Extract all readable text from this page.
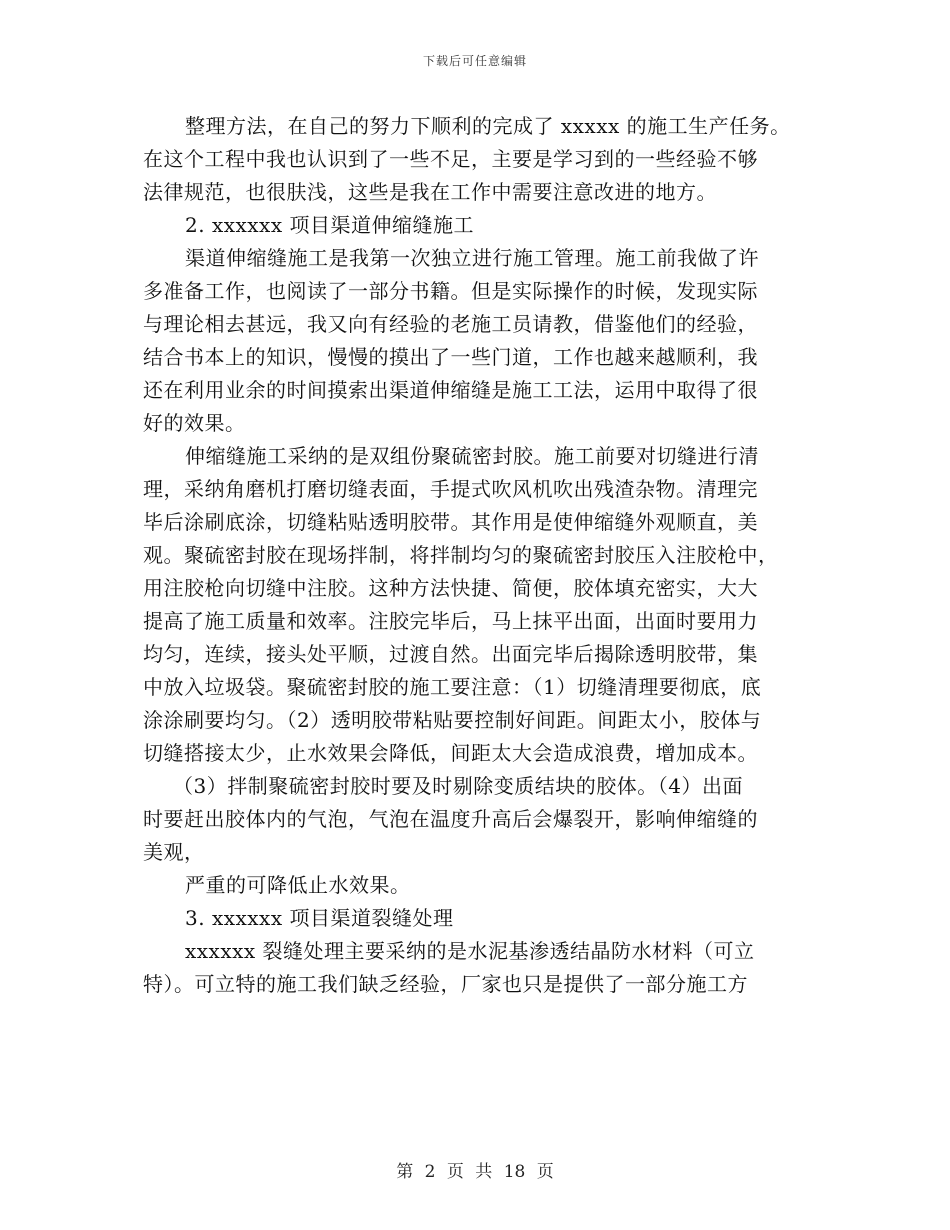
下载后可任意编辑
整理方法，在自己的努力下顺利的完成了 xxxxx 的施工生产任务。
在这个工程中我也认识到了一些不足，主要是学习到的一些经验不够
法律规范，也很肤浅，这些是我在工作中需要注意改进的地方。
2. xxxxxx 项目渠道伸缩缝施工
渠道伸缩缝施工是我第一次独立进行施工管理。施工前我做了许
多准备工作，也阅读了一部分书籍。但是实际操作的时候，发现实际
与理论相去甚远，我又向有经验的老施工员请教，借鉴他们的经验，
结合书本上的知识，慢慢的摸出了一些门道，工作也越来越顺利，我
还在利用业余的时间摸索出渠道伸缩缝是施工工法，运用中取得了很
好的效果。
伸缩缝施工采纳的是双组份聚硫密封胶。施工前要对切缝进行清
理，采纳角磨机打磨切缝表面，手提式吹风机吹出残渣杂物。清理完
毕后涂刷底涂，切缝粘贴透明胶带。其作用是使伸缩缝外观顺直，美
观。聚硫密封胶在现场拌制，将拌制均匀的聚硫密封胶压入注胶枪中，
用注胶枪向切缝中注胶。这种方法快捷、简便，胶体填充密实，大大
提高了施工质量和效率。注胶完毕后，马上抹平出面，出面时要用力
均匀，连续，接头处平顺，过渡自然。出面完毕后揭除透明胶带，集
中放入垃圾袋。聚硫密封胶的施工要注意：（1）切缝清理要彻底，底
涂涂刷要均匀。（2）透明胶带粘贴要控制好间距。间距太小，胶体与
切缝搭接太少，止水效果会降低，间距太大会造成浪费，增加成本。
（3）拌制聚硫密封胶时要及时剔除变质结块的胶体。（4）出面
时要赶出胶体内的气泡，气泡在温度升高后会爆裂开，影响伸缩缝的
美观，
严重的可降低止水效果。
3. xxxxxx 项目渠道裂缝处理
xxxxxx 裂缝处理主要采纳的是水泥基渗透结晶防水材料（可立
特）。可立特的施工我们缺乏经验，厂家也只是提供了一部分施工方
第 2 页 共 18 页
